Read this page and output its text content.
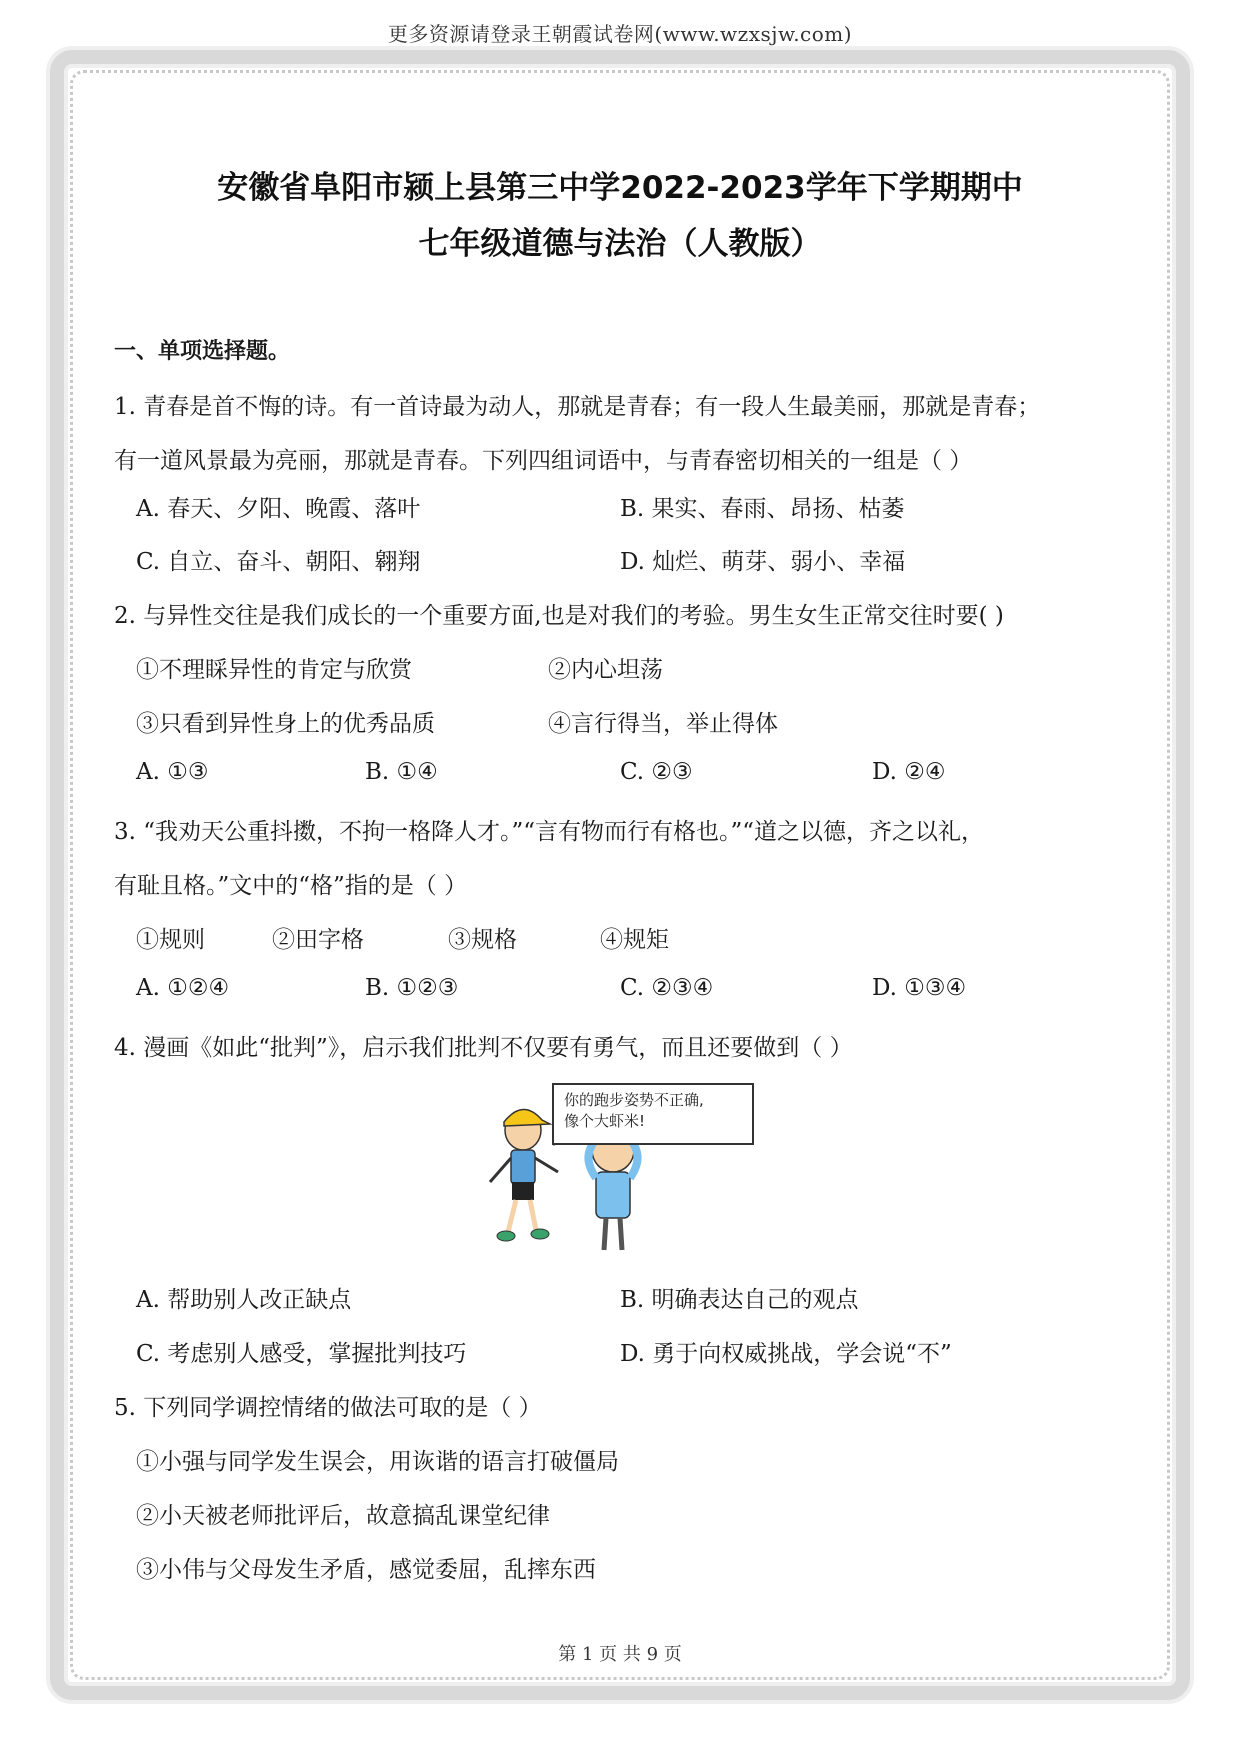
更多资源请登录王朝霞试卷网(www.wzxsjw.com)
安徽省阜阳市颍上县第三中学2022-2023学年下学期期中
七年级道德与法治（人教版）
一、单项选择题。
1. 青春是首不悔的诗。有一首诗最为动人，那就是青春；有一段人生最美丽，那就是青春；
有一道风景最为亮丽，那就是青春。下列四组词语中，与青春密切相关的一组是（ ）
A. 春天、夕阳、晚霞、落叶	B. 果实、春雨、昂扬、枯萎
C. 自立、奋斗、朝阳、翱翔	D. 灿烂、萌芽、弱小、幸福
2. 与异性交往是我们成长的一个重要方面,也是对我们的考验。男生女生正常交往时要( )
①不理睬异性的肯定与欣赏	②内心坦荡
③只看到异性身上的优秀品质	④言行得当，举止得体
A. ①③	B. ①④	C. ②③	D. ②④
3. “我劝天公重抖擞，不拘一格降人才。”“言有物而行有格也。”“道之以德，齐之以礼，
有耻且格。”文中的“格”指的是（ ）
①规则	②田字格	③规格	④规矩
A. ①②④	B. ①②③	C. ②③④	D. ①③④
4. 漫画《如此“批判”》，启示我们批判不仅要有勇气，而且还要做到（ ）
你的跑步姿势不正确,
像个大虾米!
A. 帮助别人改正缺点	B. 明确表达自己的观点
C. 考虑别人感受，掌握批判技巧	D. 勇于向权威挑战，学会说“不”
5. 下列同学调控情绪的做法可取的是（ ）
①小强与同学发生误会，用诙谐的语言打破僵局
②小天被老师批评后，故意搞乱课堂纪律
③小伟与父母发生矛盾，感觉委屈，乱摔东西
第 1 页 共 9 页
